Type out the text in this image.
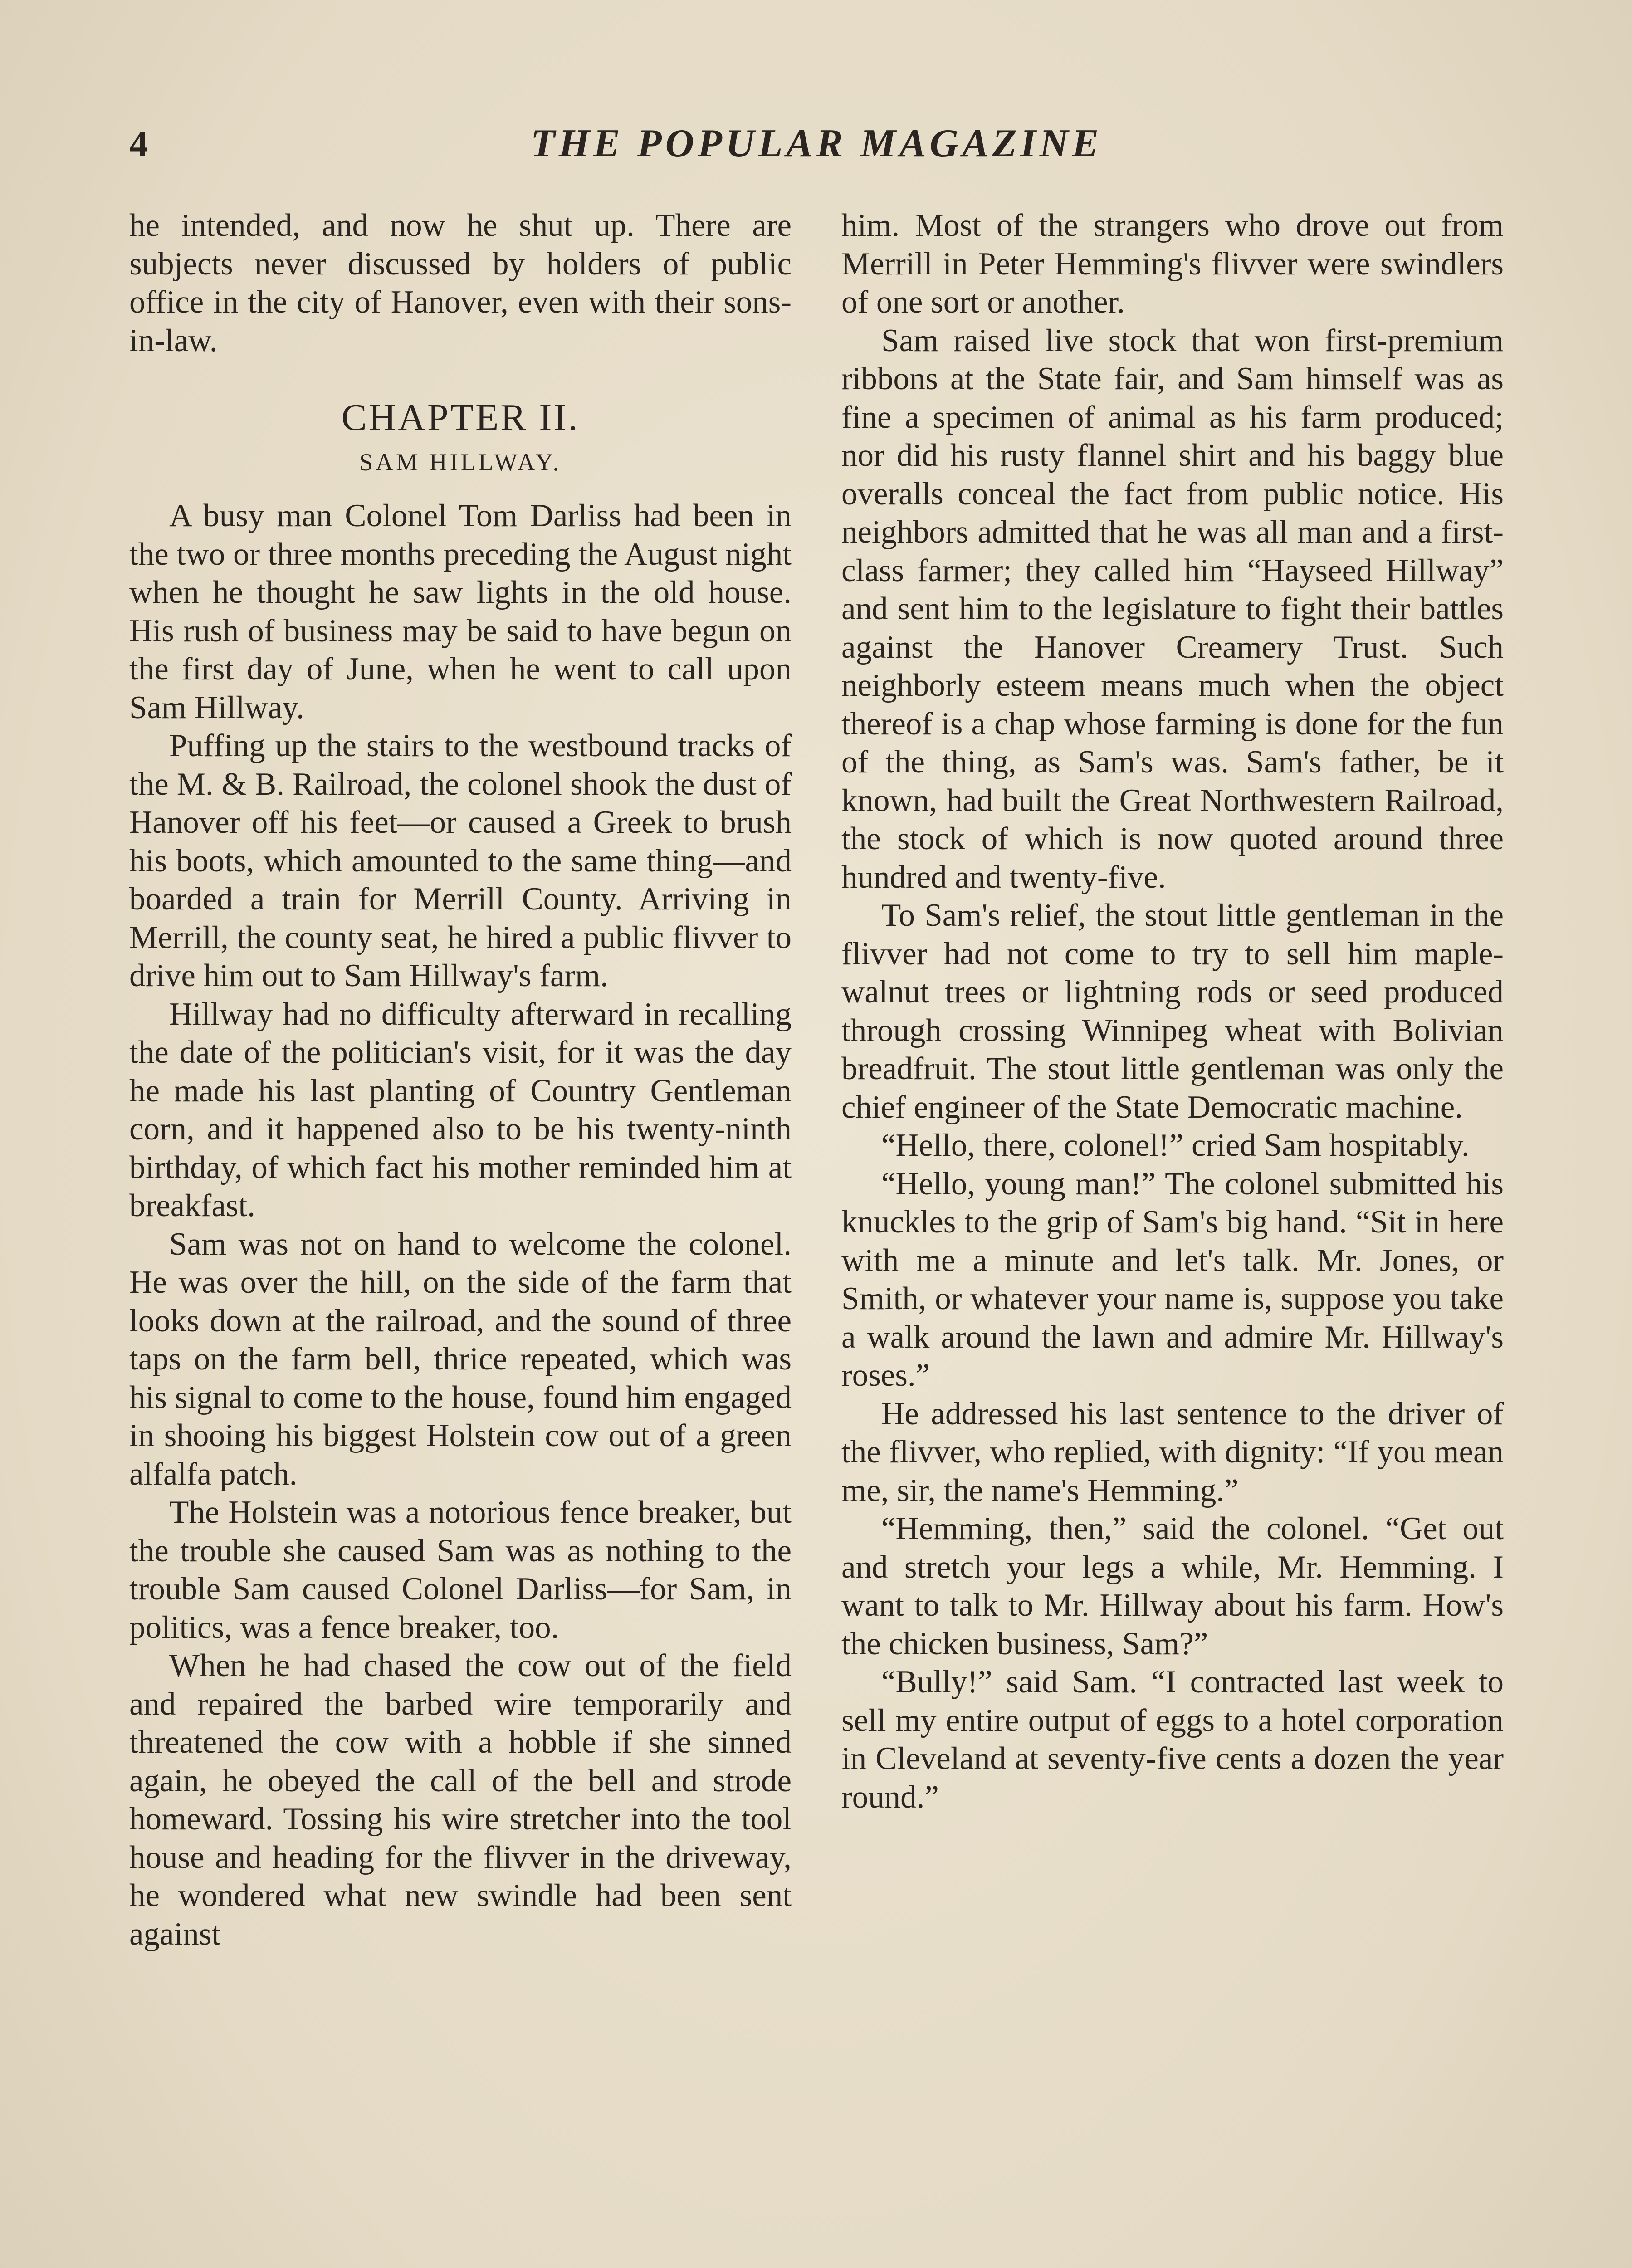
4	THE POPULAR MAGAZINE

he intended, and now he shut up. There are subjects never discussed by holders of public office in the city of Hanover, even with their sons-in-law.

CHAPTER II.
SAM HILLWAY.

A busy man Colonel Tom Darliss had been in the two or three months preceding the August night when he thought he saw lights in the old house. His rush of business may be said to have begun on the first day of June, when he went to call upon Sam Hillway.

Puffing up the stairs to the westbound tracks of the M. & B. Railroad, the colonel shook the dust of Hanover off his feet—or caused a Greek to brush his boots, which amounted to the same thing—and boarded a train for Merrill County. Arriving in Merrill, the county seat, he hired a public flivver to drive him out to Sam Hillway's farm.

Hillway had no difficulty afterward in recalling the date of the politician's visit, for it was the day he made his last planting of Country Gentleman corn, and it happened also to be his twenty-ninth birthday, of which fact his mother reminded him at breakfast.

Sam was not on hand to welcome the colonel. He was over the hill, on the side of the farm that looks down at the railroad, and the sound of three taps on the farm bell, thrice repeated, which was his signal to come to the house, found him engaged in shooing his biggest Holstein cow out of a green alfalfa patch.

The Holstein was a notorious fence breaker, but the trouble she caused Sam was as nothing to the trouble Sam caused Colonel Darliss—for Sam, in politics, was a fence breaker, too.

When he had chased the cow out of the field and repaired the barbed wire temporarily and threatened the cow with a hobble if she sinned again, he obeyed the call of the bell and strode homeward. Tossing his wire stretcher into the tool house and heading for the flivver in the driveway, he wondered what new swindle had been sent against

him. Most of the strangers who drove out from Merrill in Peter Hemming's flivver were swindlers of one sort or another.

Sam raised live stock that won first-premium ribbons at the State fair, and Sam himself was as fine a specimen of animal as his farm produced; nor did his rusty flannel shirt and his baggy blue overalls conceal the fact from public notice. His neighbors admitted that he was all man and a first-class farmer; they called him “Hayseed Hillway” and sent him to the legislature to fight their battles against the Hanover Creamery Trust. Such neighborly esteem means much when the object thereof is a chap whose farming is done for the fun of the thing, as Sam's was. Sam's father, be it known, had built the Great Northwestern Railroad, the stock of which is now quoted around three hundred and twenty-five.

To Sam's relief, the stout little gentleman in the flivver had not come to try to sell him maple-walnut trees or lightning rods or seed produced through crossing Winnipeg wheat with Bolivian breadfruit. The stout little gentleman was only the chief engineer of the State Democratic machine.

“Hello, there, colonel!” cried Sam hospitably.

“Hello, young man!” The colonel submitted his knuckles to the grip of Sam's big hand. “Sit in here with me a minute and let's talk. Mr. Jones, or Smith, or whatever your name is, suppose you take a walk around the lawn and admire Mr. Hillway's roses.”

He addressed his last sentence to the driver of the flivver, who replied, with dignity: “If you mean me, sir, the name's Hemming.”

“Hemming, then,” said the colonel. “Get out and stretch your legs a while, Mr. Hemming. I want to talk to Mr. Hillway about his farm. How's the chicken business, Sam?”

“Bully!” said Sam. “I contracted last week to sell my entire output of eggs to a hotel corporation in Cleveland at seventy-five cents a dozen the year round.”
